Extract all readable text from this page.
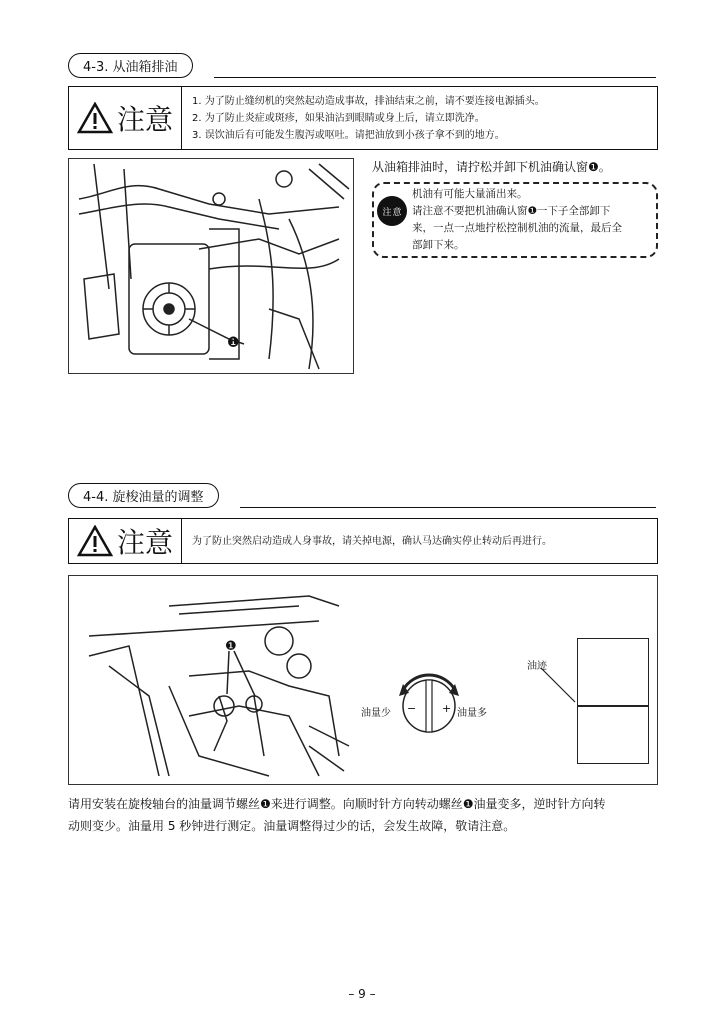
4-3. 从油箱排油
注意
1. 为了防止缝纫机的突然起动造成事故，排油结束之前，请不要连接电源插头。
2. 为了防止炎症或斑疹，如果油沾到眼睛或身上后，请立即洗净。
3. 误饮油后有可能发生腹泻或呕吐。请把油放到小孩子拿不到的地方。
❶
从油箱排油时，请拧松并卸下机油确认窗❶。
注 意
机油有可能大量涌出来。
请注意不要把机油确认窗❶一下子全部卸下
来，一点一点地拧松控制机油的流量，最后全
部卸下来。
4-4. 旋梭油量的调整
注意 为了防止突然启动造成人身事故，请关掉电源，确认马达确实停止转动后再进行。
❶
− +
油量少	油量多
油迹
请用安装在旋梭轴台的油量调节螺丝❶来进行调整。向顺时针方向转动螺丝❶油量变多，逆时针方向转
动则变少。油量用 5 秒钟进行测定。油量调整得过少的话，会发生故障，敬请注意。
– 9 –
